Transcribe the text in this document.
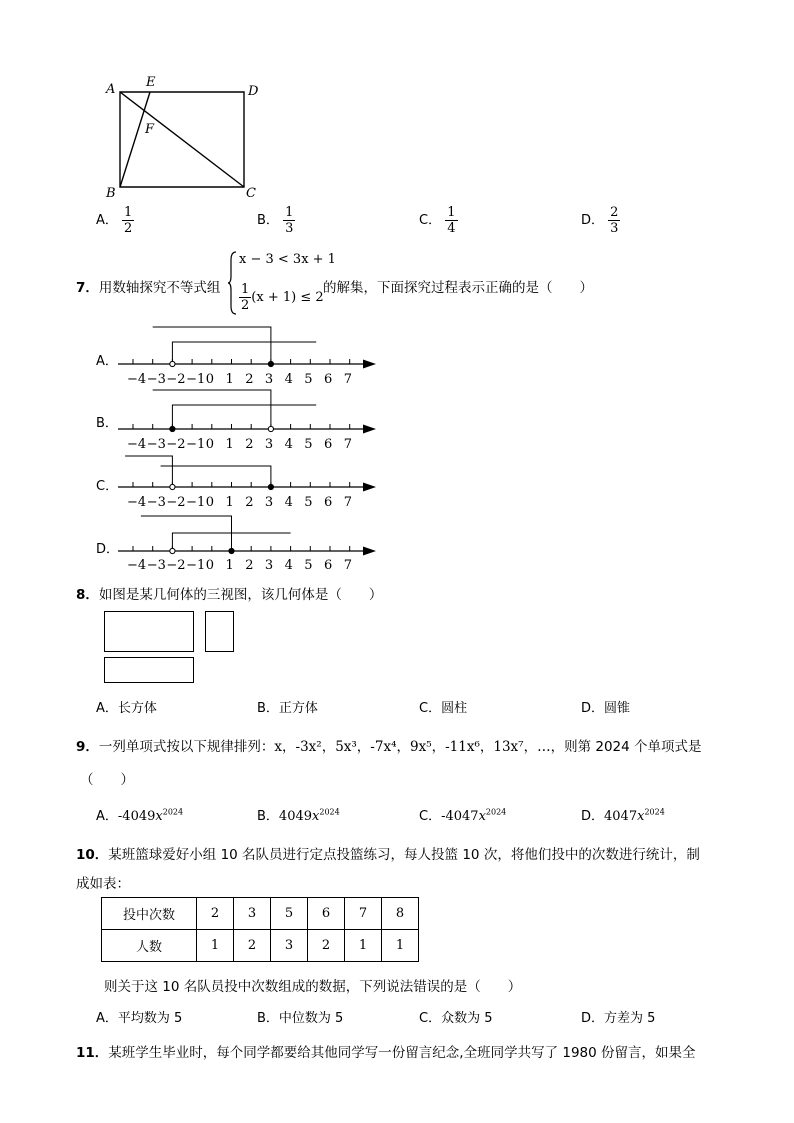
A E
D
F
B	C
A． $\frac{1}{2}$	B． $\frac{1}{3}$	C． $\frac{1}{4}$	D． $\frac{2}{3}$
7．用数轴探究不等式组
x − 3 < 3x + 1
$\frac{1}{2} (x + 1) \le 2$
的解集，下面探究过程表示正确的是（　　）
A．
B．
C．
D．
−4 −3 −2 −1 0 1 2 3 4 5 6 7
−4 −3 −2 −1 0 1 2 3 4 5 6 7
−4 −3 −2 −1 0 1 2 3 4 5 6 7
−4 −3 −2 −1 0 1 2 3 4 5 6 7
8．如图是某几何体的三视图，该几何体是（　　）
A．长方体	B．正方体	C．圆柱	D．圆锥
9．一列单项式按以下规律排列：x，-3x²，5x³，-7x⁴，9x⁵，-11x⁶，13x⁷，…，则第 2024 个单项式是
（　　）
A．$-4049x^{2024}$	B．$4049x^{2024}$	C．$-4047x^{2024}$	D．$4047x^{2024}$
10．某班篮球爱好小组 10 名队员进行定点投篮练习，每人投篮 10 次，将他们投中的次数进行统计，制
成如表：
投中次数	2	3	5	6	7	8
人数	1	2	3	2	1	1
则关于这 10 名队员投中次数组成的数据，下列说法错误的是（　　）
A．平均数为 5	B．中位数为 5	C．众数为 5	D．方差为 5
11．某班学生毕业时，每个同学都要给其他同学写一份留言纪念,全班同学共写了 1980 份留言，如果全
